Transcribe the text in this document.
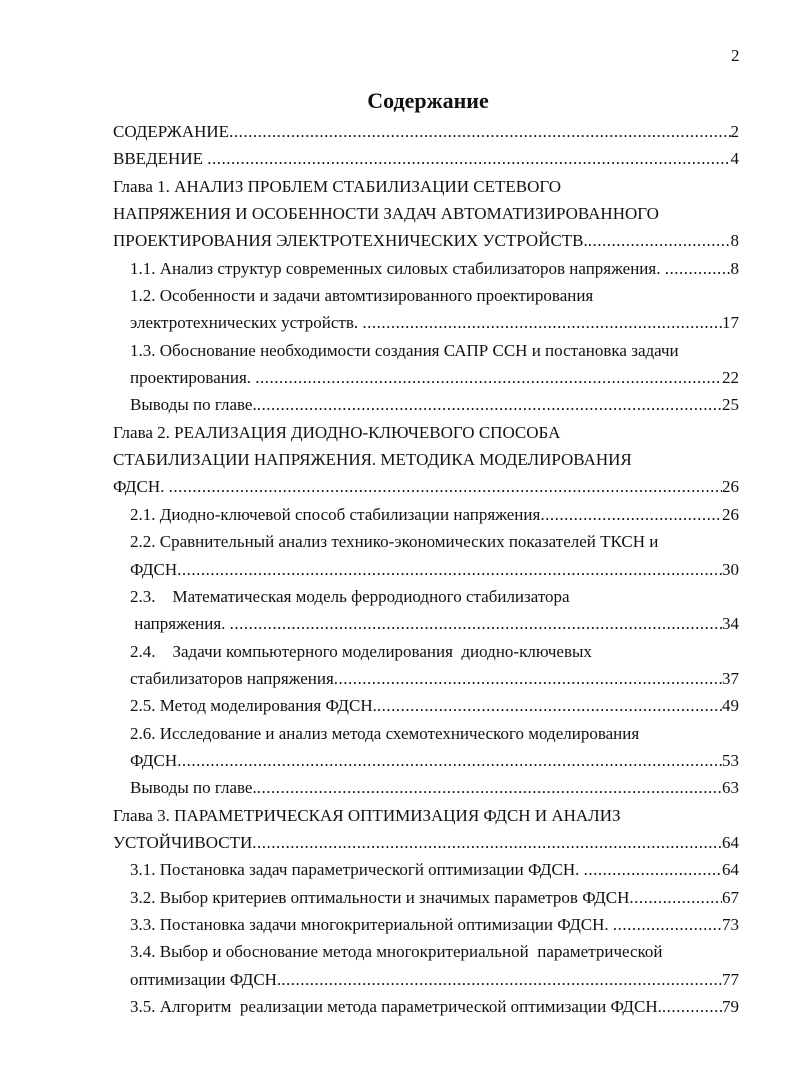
2
Содержание
СОДЕРЖАНИЕ .....	2
ВВЕДЕНИЕ .....	4
Глава 1. АНАЛИЗ ПРОБЛЕМ СТАБИЛИЗАЦИИ СЕТЕВОГО
НАПРЯЖЕНИЯ И ОСОБЕННОСТИ ЗАДАЧ АВТОМАТИЗИРОВАННОГО
ПРОЕКТИРОВАНИЯ ЭЛЕКТРОТЕХНИЧЕСКИХ УСТРОЙСТВ. .....	8
1.1. Анализ структур современных силовых стабилизаторов напряжения. .....	8
1.2. Особенности и задачи автомтизированного проектирования
электротехнических устройств. .....	17
1.3. Обоснование необходимости создания САПР ССН и постановка задачи
проектирования. .....	22
Выводы по главе. .....	25
Глава 2. РЕАЛИЗАЦИЯ ДИОДНО-КЛЮЧЕВОГО СПОСОБА
СТАБИЛИЗАЦИИ НАПРЯЖЕНИЯ. МЕТОДИКА МОДЕЛИРОВАНИЯ
ФДСН. .....	26
2.1. Диодно-ключевой способ стабилизации напряжения .....	26
2.2. Сравнительный анализ технико-экономических показателей ТКСН и
ФДСН .....	30
2.3.    Математическая модель ферродиодного стабилизатора
напряжения. .....	34
2.4.    Задачи компьютерного моделирования  диодно-ключевых
стабилизаторов напряжения .....	37
2.5. Метод моделирования ФДСН. .....	49
2.6. Исследование и анализ метода схемотехнического моделирования
ФДСН .....	53
Выводы по главе. .....	63
Глава 3. ПАРАМЕТРИЧЕСКАЯ ОПТИМИЗАЦИЯ ФДСН И АНАЛИЗ
УСТОЙЧИВОСТИ .....	64
3.1. Постановка задач параметрическогй оптимизации ФДСН. .....	64
3.2. Выбор критериев оптимальности и значимых параметров ФДСН .....	67
3.3. Постановка задачи многокритериальной оптимизации ФДСН. .....	73
3.4. Выбор и обоснование метода многокритериальной  параметрической
оптимизации ФДСН. .....	77
3.5. Алгоритм  реализации метода параметрической оптимизации ФДСН. .....	79
